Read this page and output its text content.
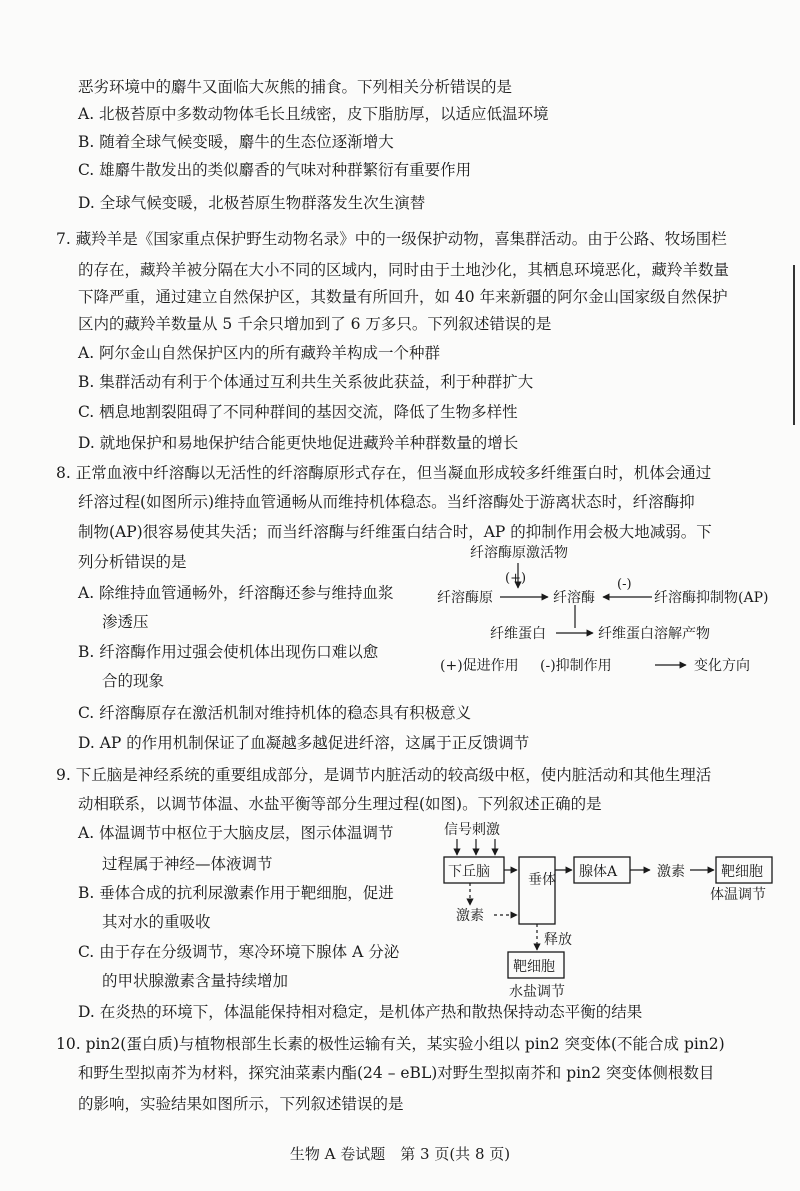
恶劣环境中的麝牛又面临大灰熊的捕食。下列相关分析错误的是
A. 北极苔原中多数动物体毛长且绒密，皮下脂肪厚，以适应低温环境
B. 随着全球气候变暖，麝牛的生态位逐渐增大
C. 雄麝牛散发出的类似麝香的气味对种群繁衍有重要作用
D. 全球气候变暖，北极苔原生物群落发生次生演替
7. 藏羚羊是《国家重点保护野生动物名录》中的一级保护动物，喜集群活动。由于公路、牧场围栏
的存在，藏羚羊被分隔在大小不同的区域内，同时由于土地沙化，其栖息环境恶化，藏羚羊数量
下降严重，通过建立自然保护区，其数量有所回升，如 40 年来新疆的阿尔金山国家级自然保护
区内的藏羚羊数量从 5 千余只增加到了 6 万多只。下列叙述错误的是
A. 阿尔金山自然保护区内的所有藏羚羊构成一个种群
B. 集群活动有利于个体通过互利共生关系彼此获益，利于种群扩大
C. 栖息地割裂阻碍了不同种群间的基因交流，降低了生物多样性
D. 就地保护和易地保护结合能更快地促进藏羚羊种群数量的增长
8. 正常血液中纤溶酶以无活性的纤溶酶原形式存在，但当凝血形成较多纤维蛋白时，机体会通过
纤溶过程(如图所示)维持血管通畅从而维持机体稳态。当纤溶酶处于游离状态时，纤溶酶抑
制物(AP)很容易使其失活；而当纤溶酶与纤维蛋白结合时，AP 的抑制作用会极大地减弱。下
列分析错误的是
A. 除维持血管通畅外，纤溶酶还参与维持血浆
渗透压
B. 纤溶酶作用过强会使机体出现伤口难以愈
合的现象
C. 纤溶酶原存在激活机制对维持机体的稳态具有积极意义
D. AP 的作用机制保证了血凝越多越促进纤溶，这属于正反馈调节
纤溶酶原激活物
(+)
纤溶酶原	纤溶酶
(-)
纤溶酶抑制物(AP)
纤维蛋白	纤维蛋白溶解产物
(+)促进作用 (-)抑制作用	变化方向
9. 下丘脑是神经系统的重要组成部分，是调节内脏活动的较高级中枢，使内脏活动和其他生理活
动相联系，以调节体温、水盐平衡等部分生理过程(如图)。下列叙述正确的是
A. 体温调节中枢位于大脑皮层，图示体温调节
过程属于神经—体液调节
B. 垂体合成的抗利尿激素作用于靶细胞，促进
其对水的重吸收
C. 由于存在分级调节，寒冷环境下腺体 A 分泌
的甲状腺激素含量持续增加
D. 在炎热的环境下，体温能保持相对稳定，是机体产热和散热保持动态平衡的结果
信号刺激
下丘脑	垂体 腺体A	激素	靶细胞
体温调节
激素
释放
靶细胞
水盐调节
10. pin2(蛋白质)与植物根部生长素的极性运输有关，某实验小组以 pin2 突变体(不能合成 pin2)
和野生型拟南芥为材料，探究油菜素内酯(24 – eBL)对野生型拟南芥和 pin2 突变体侧根数目
的影响，实验结果如图所示，下列叙述错误的是
生物 A 卷试题　第 3 页(共 8 页)
